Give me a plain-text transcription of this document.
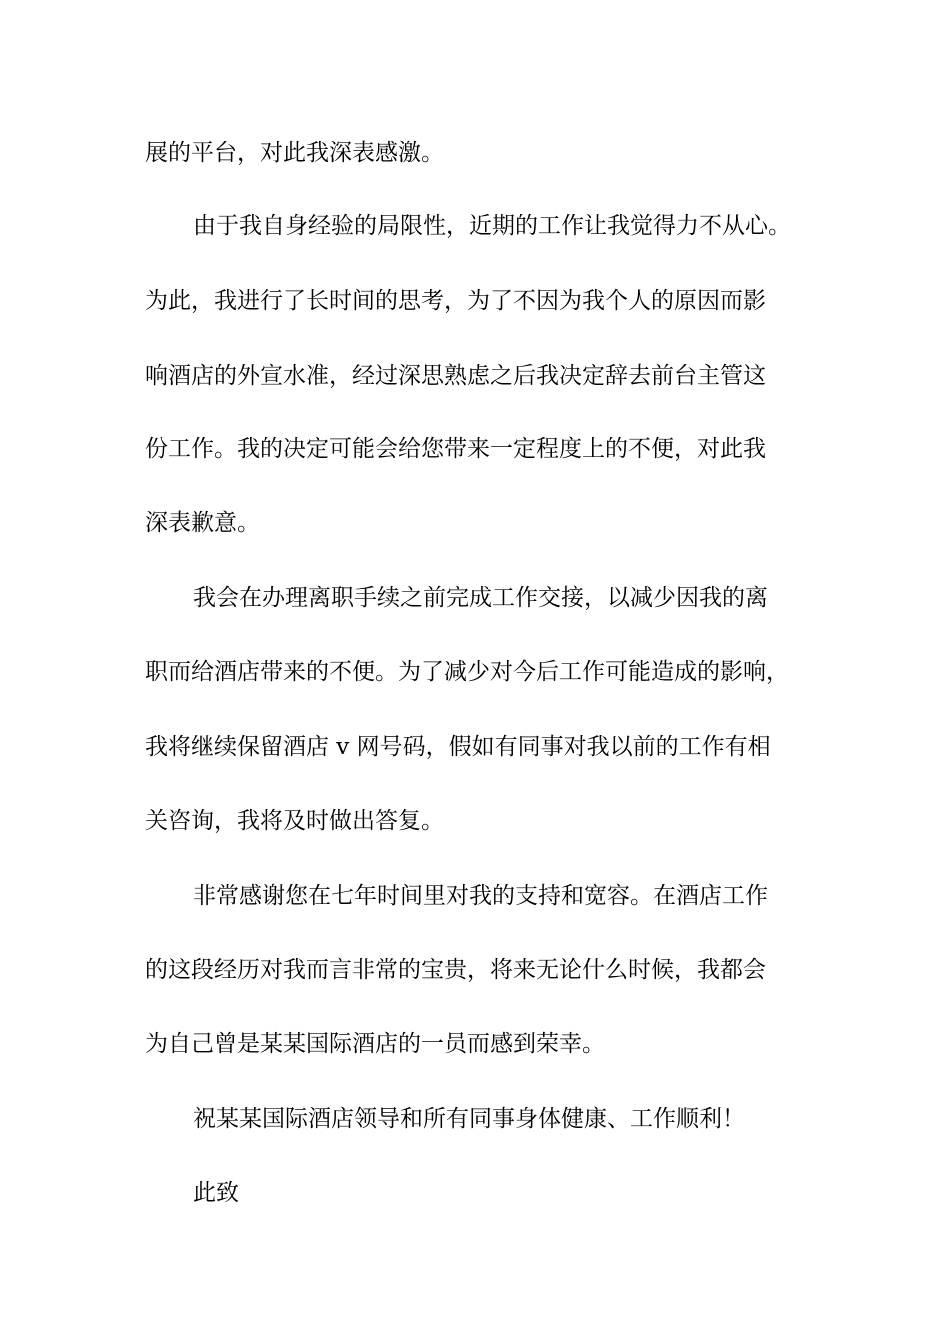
展的平台，对此我深表感激。
由于我自身经验的局限性，近期的工作让我觉得力不从心。
为此，我进行了长时间的思考，为了不因为我个人的原因而影
响酒店的外宣水准，经过深思熟虑之后我决定辞去前台主管这
份工作。我的决定可能会给您带来一定程度上的不便，对此我
深表歉意。
我会在办理离职手续之前完成工作交接，以减少因我的离
职而给酒店带来的不便。为了减少对今后工作可能造成的影响，
我将继续保留酒店 v 网号码，假如有同事对我以前的工作有相
关咨询，我将及时做出答复。
非常感谢您在七年时间里对我的支持和宽容。在酒店工作
的这段经历对我而言非常的宝贵，将来无论什么时候，我都会
为自己曾是某某国际酒店的一员而感到荣幸。
祝某某国际酒店领导和所有同事身体健康、工作顺利！
此致
